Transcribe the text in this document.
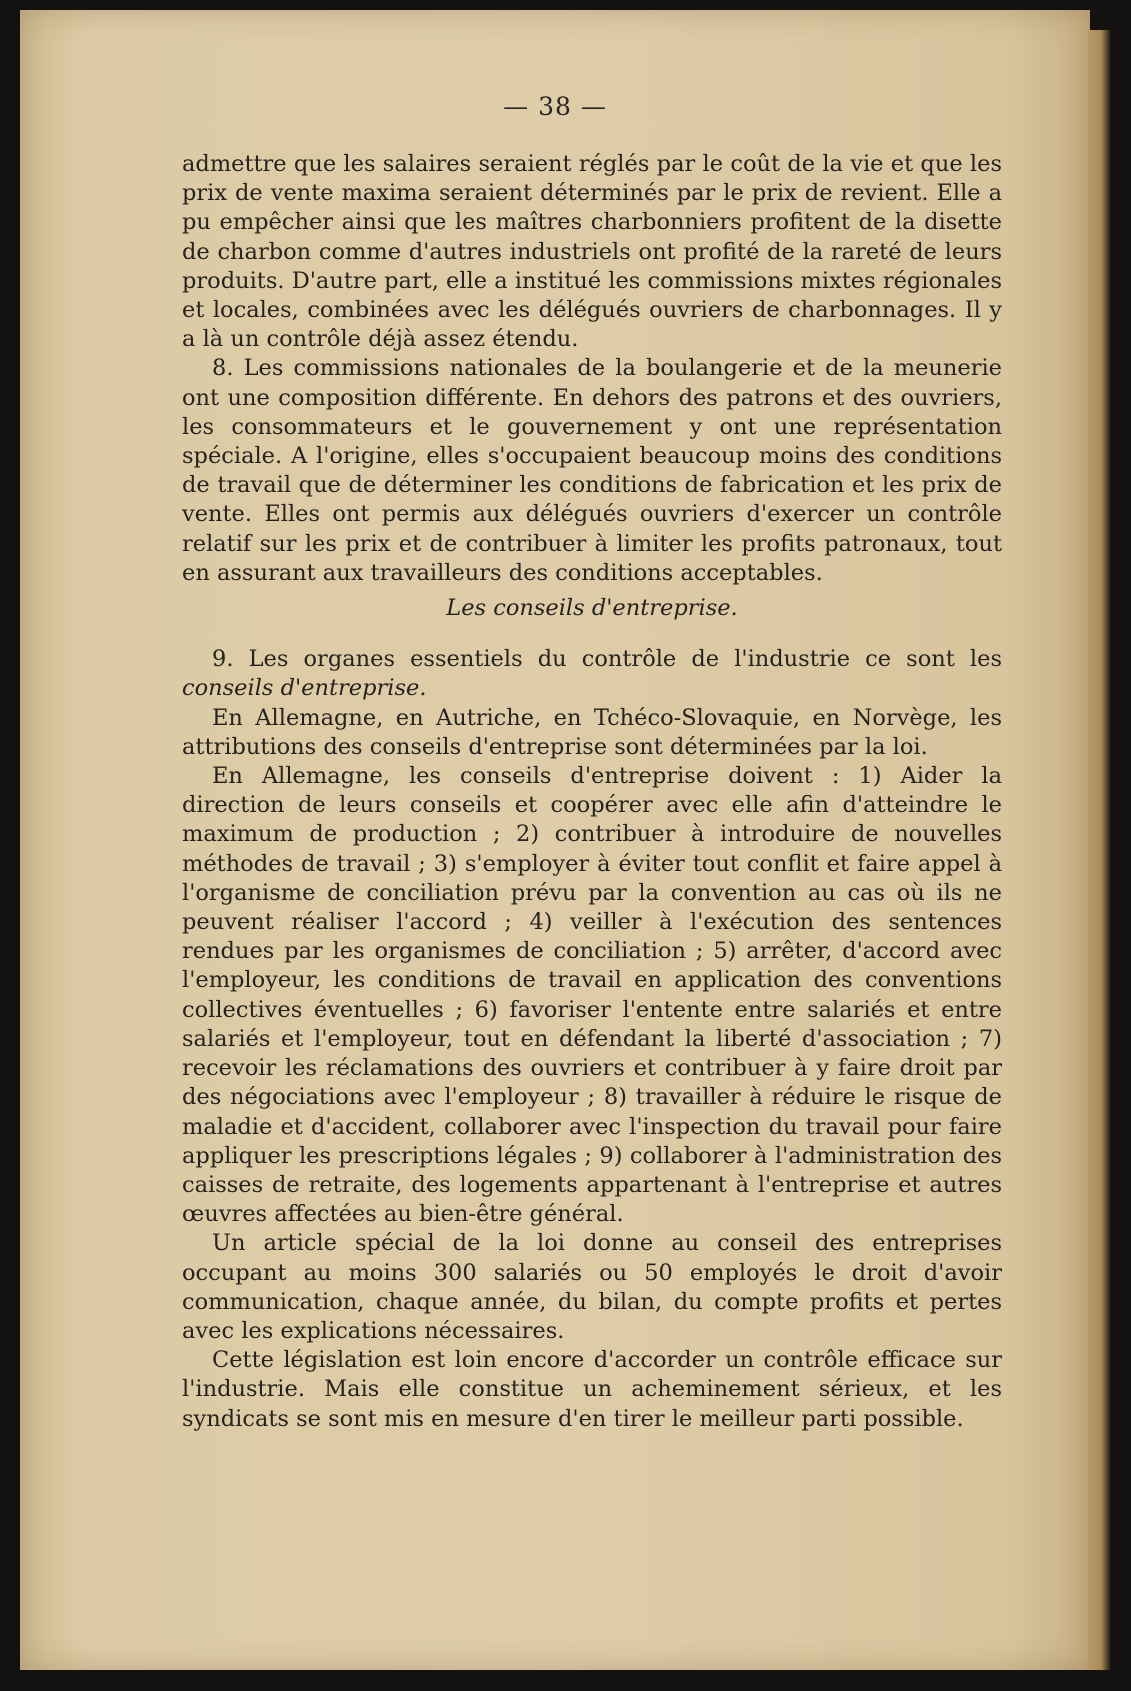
— 38 —

admettre que les salaires seraient réglés par le coût de la vie et que les prix de vente maxima seraient déterminés par le prix de revient. Elle a pu empêcher ainsi que les maîtres charbonniers profitent de la disette de charbon comme d'autres industriels ont profité de la rareté de leurs produits. D'autre part, elle a institué les commissions mixtes régionales et locales, combinées avec les délégués ouvriers de charbonnages. Il y a là un contrôle déjà assez étendu.

8. Les commissions nationales de la boulangerie et de la meunerie ont une composition différente. En dehors des patrons et des ouvriers, les consommateurs et le gouvernement y ont une représentation spéciale. A l'origine, elles s'occupaient beaucoup moins des conditions de travail que de déterminer les conditions de fabrication et les prix de vente. Elles ont permis aux délégués ouvriers d'exercer un contrôle relatif sur les prix et de contribuer à limiter les profits patronaux, tout en assurant aux travailleurs des conditions acceptables.

Les conseils d'entreprise.

9. Les organes essentiels du contrôle de l'industrie ce sont les conseils d'entreprise.

En Allemagne, en Autriche, en Tchéco-Slovaquie, en Norvège, les attributions des conseils d'entreprise sont déterminées par la loi.

En Allemagne, les conseils d'entreprise doivent : 1) Aider la direction de leurs conseils et coopérer avec elle afin d'atteindre le maximum de production ; 2) contribuer à introduire de nouvelles méthodes de travail ; 3) s'employer à éviter tout conflit et faire appel à l'organisme de conciliation prévu par la convention au cas où ils ne peuvent réaliser l'accord ; 4) veiller à l'exécution des sentences rendues par les organismes de conciliation ; 5) arrêter, d'accord avec l'employeur, les conditions de travail en application des conventions collectives éventuelles ; 6) favoriser l'entente entre salariés et entre salariés et l'employeur, tout en défendant la liberté d'association ; 7) recevoir les réclamations des ouvriers et contribuer à y faire droit par des négociations avec l'employeur ; 8) travailler à réduire le risque de maladie et d'accident, collaborer avec l'inspection du travail pour faire appliquer les prescriptions légales ; 9) collaborer à l'administration des caisses de retraite, des logements appartenant à l'entreprise et autres œuvres affectées au bien-être général.

Un article spécial de la loi donne au conseil des entreprises occupant au moins 300 salariés ou 50 employés le droit d'avoir communication, chaque année, du bilan, du compte profits et pertes avec les explications nécessaires.

Cette législation est loin encore d'accorder un contrôle efficace sur l'industrie. Mais elle constitue un acheminement sérieux, et les syndicats se sont mis en mesure d'en tirer le meilleur parti possible.
